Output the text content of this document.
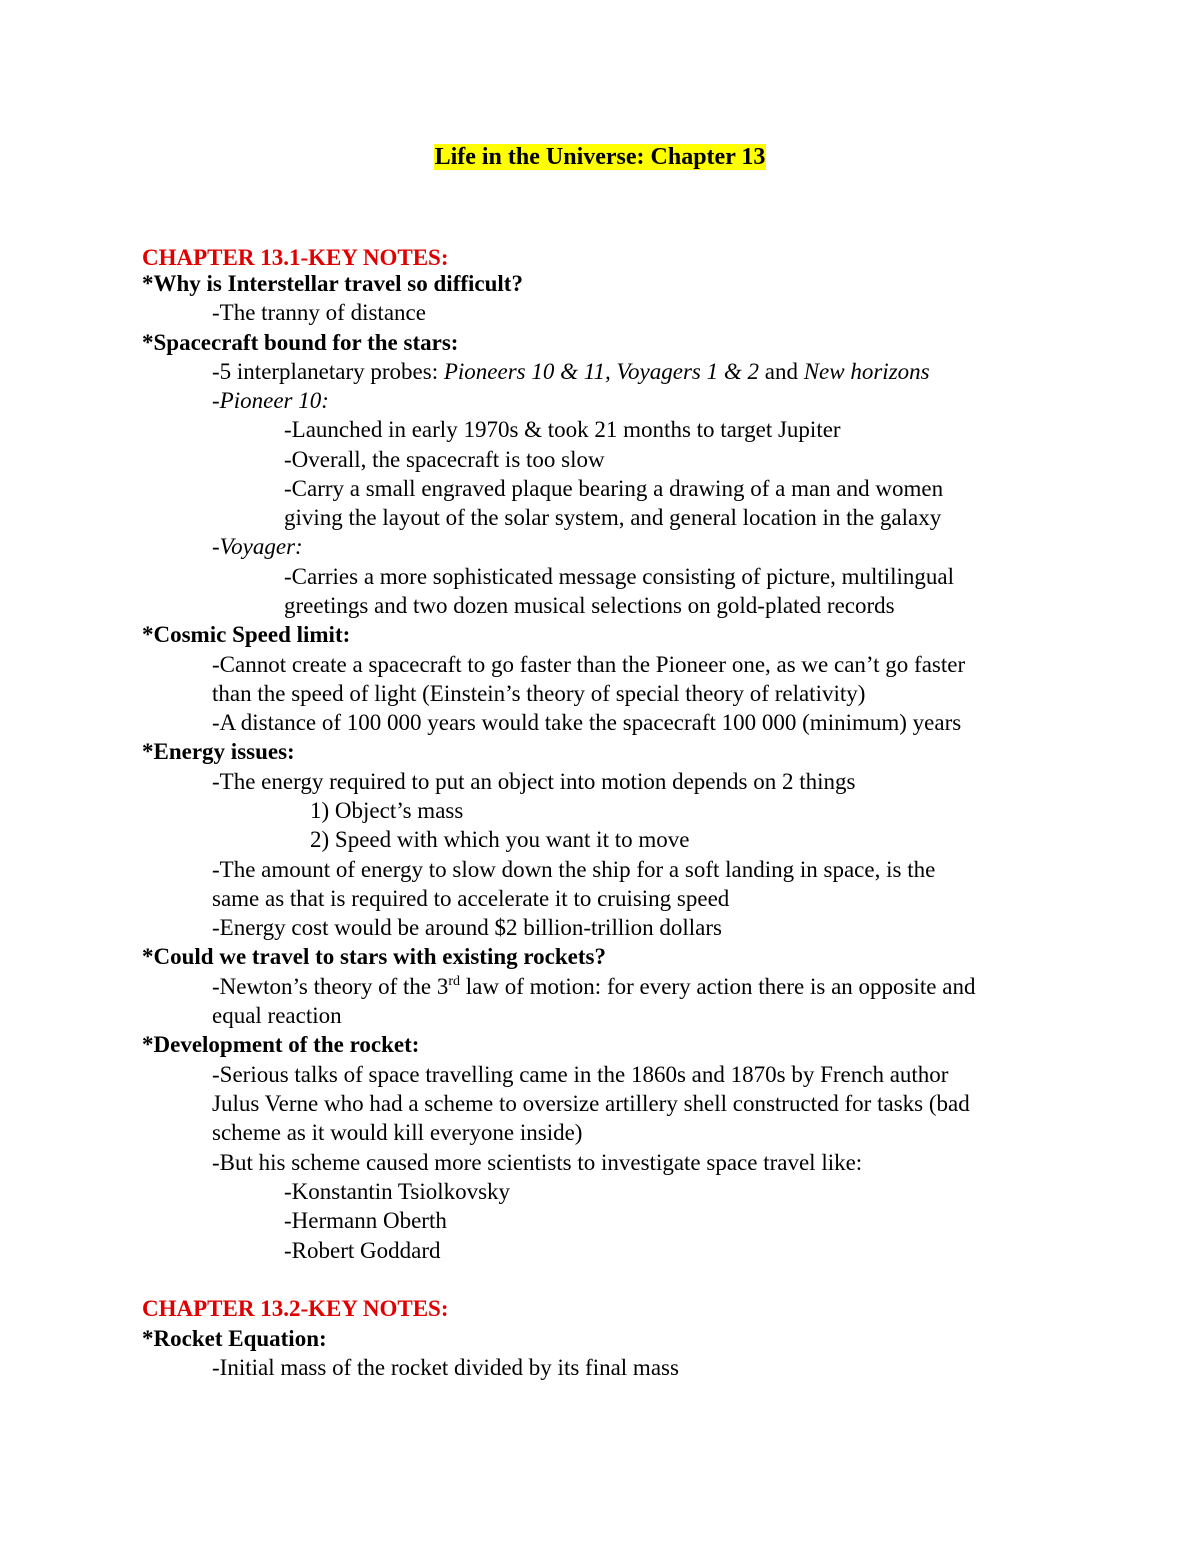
Life in the Universe: Chapter 13
CHAPTER 13.1-KEY NOTES:
*Why is Interstellar travel so difficult?
-The tranny of distance
*Spacecraft bound for the stars:
-5 interplanetary probes: Pioneers 10 & 11, Voyagers 1 & 2 and New horizons
-Pioneer 10:
-Launched in early 1970s & took 21 months to target Jupiter
-Overall, the spacecraft is too slow
-Carry a small engraved plaque bearing a drawing of a man and women
giving the layout of the solar system, and general location in the galaxy
-Voyager:
-Carries a more sophisticated message consisting of picture, multilingual
greetings and two dozen musical selections on gold-plated records
*Cosmic Speed limit:
-Cannot create a spacecraft to go faster than the Pioneer one, as we can’t go faster
than the speed of light (Einstein’s theory of special theory of relativity)
-A distance of 100 000 years would take the spacecraft 100 000 (minimum) years
*Energy issues:
-The energy required to put an object into motion depends on 2 things
1) Object’s mass
2) Speed with which you want it to move
-The amount of energy to slow down the ship for a soft landing in space, is the
same as that is required to accelerate it to cruising speed
-Energy cost would be around $2 billion-trillion dollars
*Could we travel to stars with existing rockets?
-Newton’s theory of the 3rd law of motion: for every action there is an opposite and
equal reaction
*Development of the rocket:
-Serious talks of space travelling came in the 1860s and 1870s by French author
Julus Verne who had a scheme to oversize artillery shell constructed for tasks (bad
scheme as it would kill everyone inside)
-But his scheme caused more scientists to investigate space travel like:
-Konstantin Tsiolkovsky
-Hermann Oberth
-Robert Goddard
CHAPTER 13.2-KEY NOTES:
*Rocket Equation:
-Initial mass of the rocket divided by its final mass
